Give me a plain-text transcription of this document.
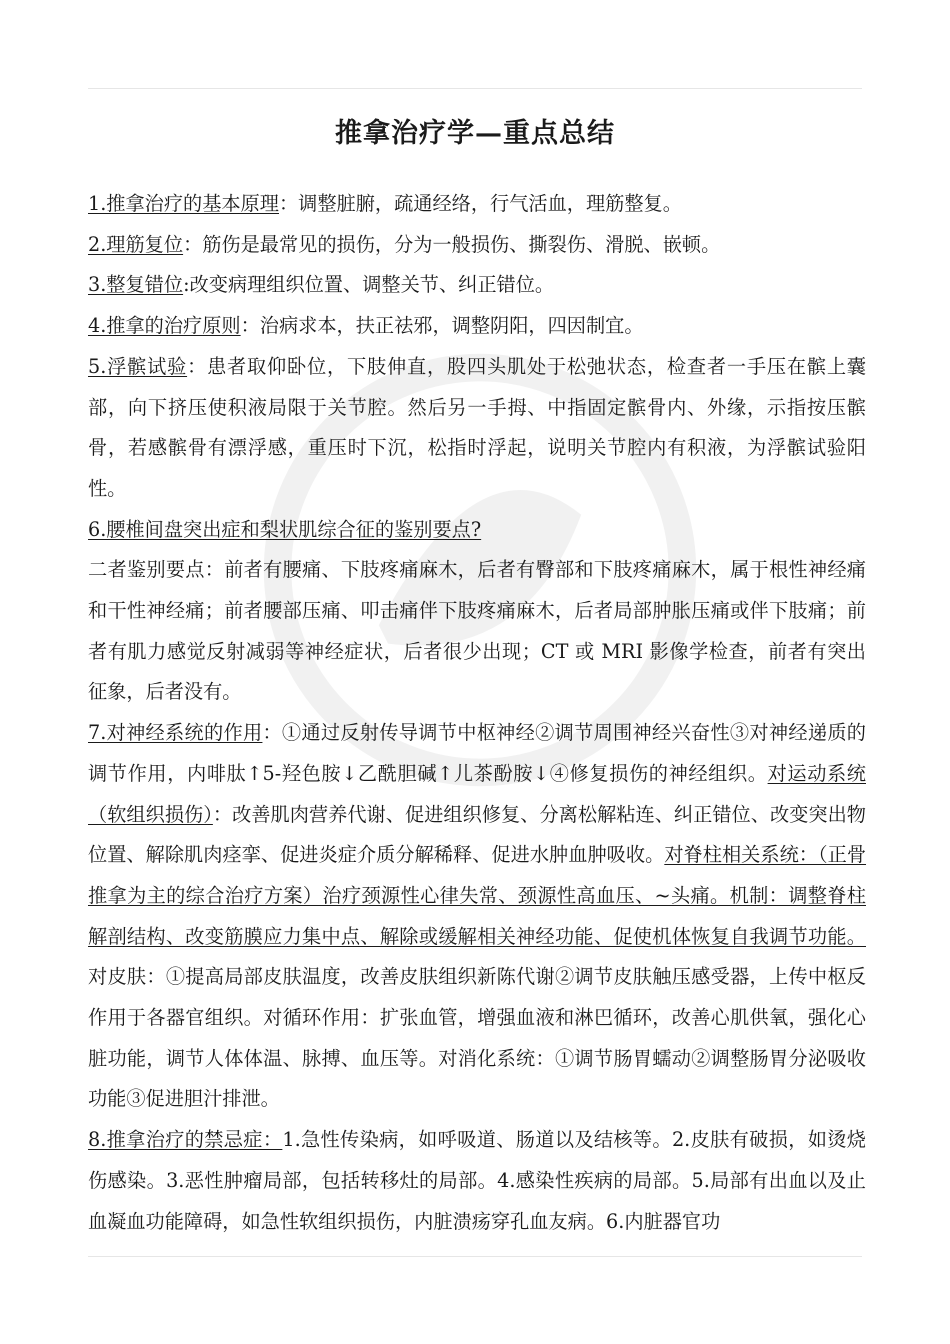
推拿治疗学—重点总结

1.推拿治疗的基本原理：调整脏腑，疏通经络，行气活血，理筋整复。

2.理筋复位：筋伤是最常见的损伤，分为一般损伤、撕裂伤、滑脱、嵌顿。

3.整复错位:改变病理组织位置、调整关节、纠正错位。

4.推拿的治疗原则：治病求本，扶正祛邪，调整阴阳，四因制宜。

5.浮髌试验：患者取仰卧位，下肢伸直，股四头肌处于松弛状态，检查者一手压在髌上囊部，向下挤压使积液局限于关节腔。然后另一手拇、中指固定髌骨内、外缘，示指按压髌骨，若感髌骨有漂浮感，重压时下沉，松指时浮起，说明关节腔内有积液，为浮髌试验阳性。

6.腰椎间盘突出症和梨状肌综合征的鉴别要点?

二者鉴别要点：前者有腰痛、下肢疼痛麻木，后者有臀部和下肢疼痛麻木，属于根性神经痛和干性神经痛；前者腰部压痛、叩击痛伴下肢疼痛麻木，后者局部肿胀压痛或伴下肢痛；前者有肌力感觉反射减弱等神经症状，后者很少出现；CT 或 MRI 影像学检查，前者有突出征象，后者没有。

7.对神经系统的作用：①通过反射传导调节中枢神经②调节周围神经兴奋性③对神经递质的调节作用，内啡肽↑5-羟色胺↓乙酰胆碱↑儿茶酚胺↓④修复损伤的神经组织。对运动系统（软组织损伤）：改善肌肉营养代谢、促进组织修复、分离松解粘连、纠正错位、改变突出物位置、解除肌肉痉挛、促进炎症介质分解稀释、促进水肿血肿吸收。对脊柱相关系统：（正骨推拿为主的综合治疗方案）治疗颈源性心律失常、颈源性高血压、~头痛。机制：调整脊柱解剖结构、改变筋膜应力集中点、解除或缓解相关神经功能、促使机体恢复自我调节功能。对皮肤：①提高局部皮肤温度，改善皮肤组织新陈代谢②调节皮肤触压感受器，上传中枢反作用于各器官组织。对循环作用：扩张血管，增强血液和淋巴循环，改善心肌供氧，强化心脏功能，调节人体体温、脉搏、血压等。对消化系统：①调节肠胃蠕动②调整肠胃分泌吸收功能③促进胆汁排泄。

8.推拿治疗的禁忌症：1.急性传染病，如呼吸道、肠道以及结核等。2.皮肤有破损，如烫烧伤感染。3.恶性肿瘤局部，包括转移灶的局部。4.感染性疾病的局部。5.局部有出血以及止血凝血功能障碍，如急性软组织损伤，内脏溃疡穿孔血友病。6.内脏器官功
